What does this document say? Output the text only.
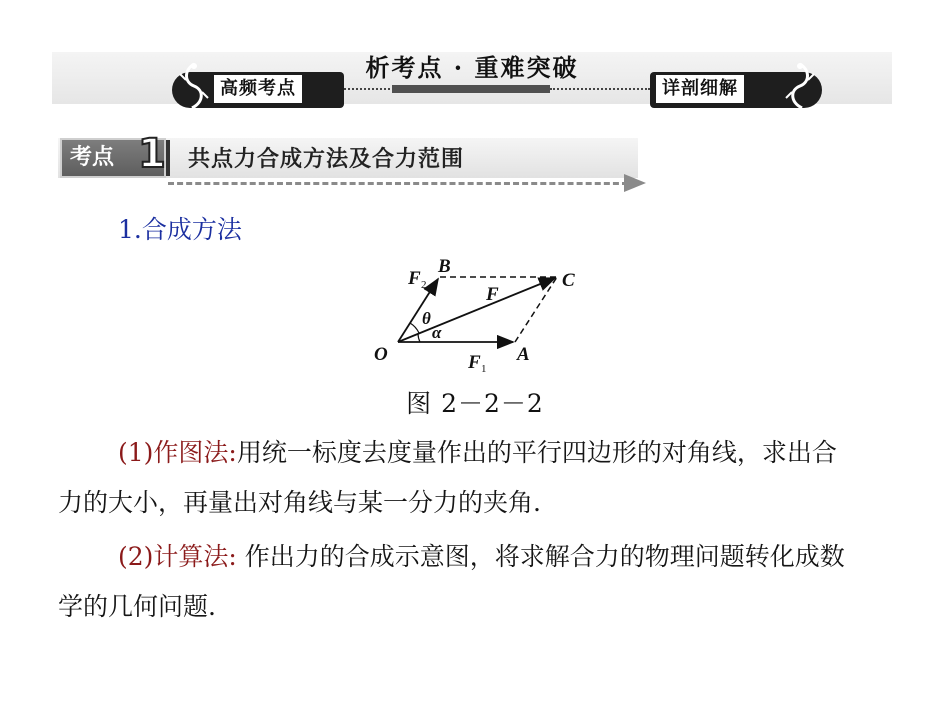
析考点 · 重难突破
高频考点	详剖细解
考点 1 共点力合成方法及合力范围
1.合成方法
O	A
B
C
F
F
F
θ
α
1
2
图 2－2－2
(1)作图法:用统一标度去度量作出的平行四边形的对角线，求出合力的大小，再量出对角线与某一分力的夹角.
(2)计算法: 作出力的合成示意图，将求解合力的物理问题转化成数学的几何问题.
